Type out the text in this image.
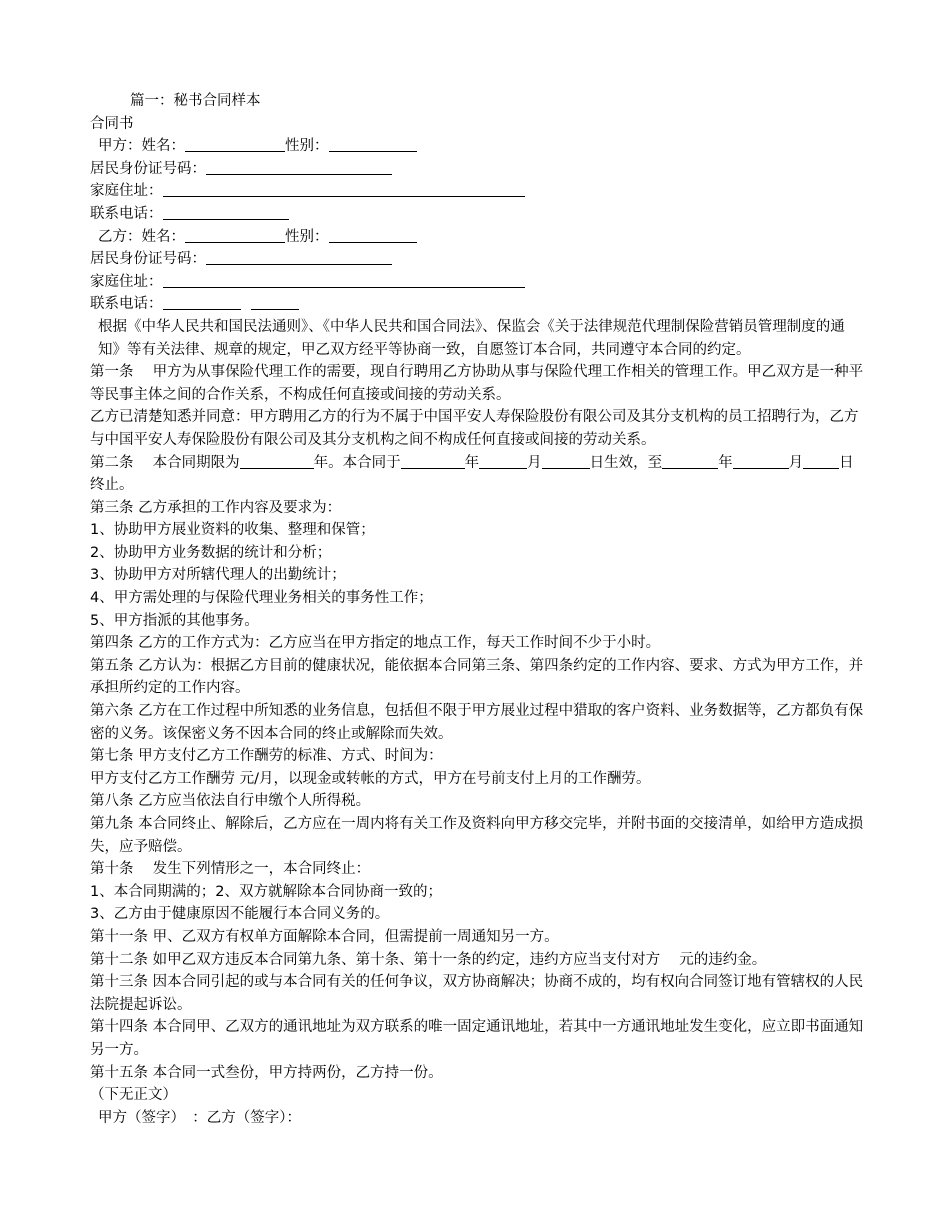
篇一：秘书合同样本
合同书
甲方：姓名：	性别：
居民身份证号码：
家庭住址：
联系电话：
乙方：姓名：	性别：
居民身份证号码：
家庭住址：
联系电话：
根据《中华人民共和国民法通则》、《中华人民共和国合同法》、保监会《关于法律规范代理制保险营销员管理制度的通知》等有关法律、规章的规定，甲乙双方经平等协商一致，自愿签订本合同，共同遵守本合同的约定。
第一条　 甲方为从事保险代理工作的需要，现自行聘用乙方协助从事与保险代理工作相关的管理工作。甲乙双方是一种平等民事主体之间的合作关系，不构成任何直接或间接的劳动关系。
乙方已清楚知悉并同意：甲方聘用乙方的行为不属于中国平安人寿保险股份有限公司及其分支机构的员工招聘行为，乙方与中国平安人寿保险股份有限公司及其分支机构之间不构成任何直接或间接的劳动关系。
第二条　 本合同期限为	年。本合同于	年	月	日生效，至	年	月 日终止。
第三条 乙方承担的工作内容及要求为：
1、协助甲方展业资料的收集、整理和保管；
2、协助甲方业务数据的统计和分析；
3、协助甲方对所辖代理人的出勤统计；
4、甲方需处理的与保险代理业务相关的事务性工作；
5、甲方指派的其他事务。
第四条 乙方的工作方式为：乙方应当在甲方指定的地点工作，每天工作时间不少于小时。
第五条 乙方认为：根据乙方目前的健康状况，能依据本合同第三条、第四条约定的工作内容、要求、方式为甲方工作，并承担所约定的工作内容。
第六条 乙方在工作过程中所知悉的业务信息，包括但不限于甲方展业过程中猎取的客户资料、业务数据等，乙方都负有保密的义务。该保密义务不因本合同的终止或解除而失效。
第七条 甲方支付乙方工作酬劳的标准、方式、时间为：
甲方支付乙方工作酬劳 元/月，以现金或转帐的方式，甲方在号前支付上月的工作酬劳。
第八条 乙方应当依法自行申缴个人所得税。
第九条 本合同终止、解除后，乙方应在一周内将有关工作及资料向甲方移交完毕，并附书面的交接清单，如给甲方造成损失，应予赔偿。
第十条　 发生下列情形之一，本合同终止：
1、本合同期满的；2、双方就解除本合同协商一致的；
3、乙方由于健康原因不能履行本合同义务的。
第十一条 甲、乙双方有权单方面解除本合同，但需提前一周通知另一方。
第十二条 如甲乙双方违反本合同第九条、第十条、第十一条的约定，违约方应当支付对方　 元的违约金。
第十三条 因本合同引起的或与本合同有关的任何争议，双方协商解决；协商不成的，均有权向合同签订地有管辖权的人民法院提起诉讼。
第十四条 本合同甲、乙双方的通讯地址为双方联系的唯一固定通讯地址，若其中一方通讯地址发生变化，应立即书面通知另一方。
第十五条 本合同一式叁份，甲方持两份，乙方持一份。
（下无正文）
甲方（签字）　：乙方（签字）：
